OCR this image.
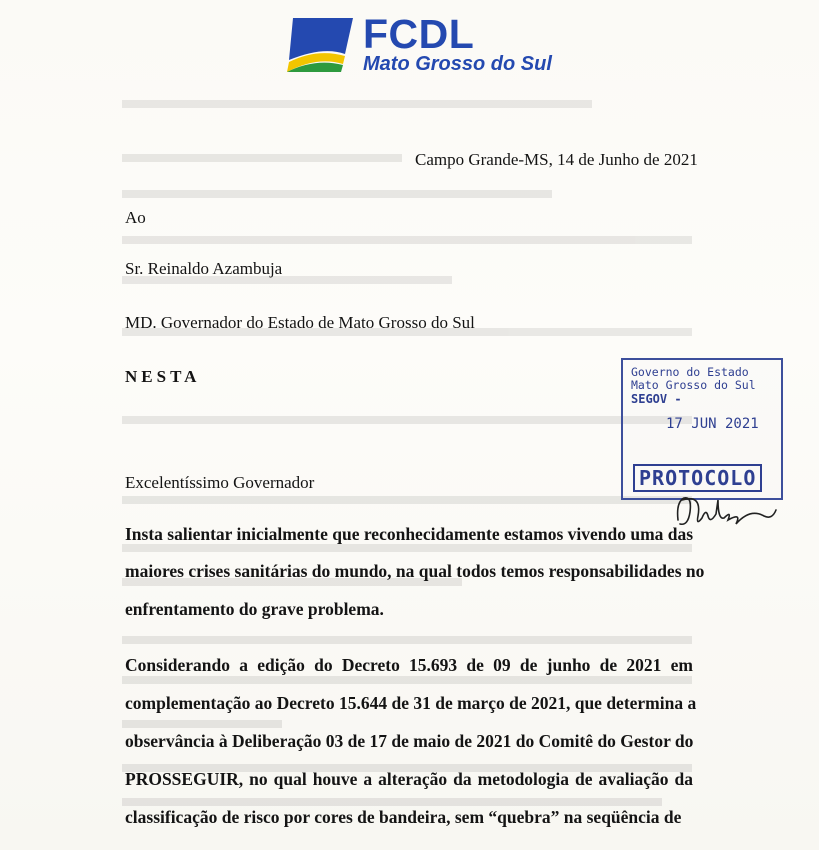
FCDL
Mato Grosso do Sul
Campo Grande-MS, 14 de Junho de 2021
Ao
Sr. Reinaldo Azambuja
MD. Governador do Estado de Mato Grosso do Sul
NESTA
Excelentíssimo Governador
Insta salientar inicialmente que reconhecidamente estamos vivendo uma das
maiores crises sanitárias do mundo, na qual todos temos responsabilidades no
enfrentamento do grave problema.
Considerando a edição do Decreto 15.693 de 09 de junho de 2021 em
complementação ao Decreto 15.644 de 31 de março de 2021, que determina a
observância à Deliberação 03 de 17 de maio de 2021 do Comitê do Gestor do
PROSSEGUIR, no qual houve a alteração da metodologia de avaliação da
classificação de risco por cores de bandeira, sem “quebra” na seqüência de
Governo do Estado
Mato Grosso do Sul
SEGOV -
17 JUN 2021
PROTOCOLO
